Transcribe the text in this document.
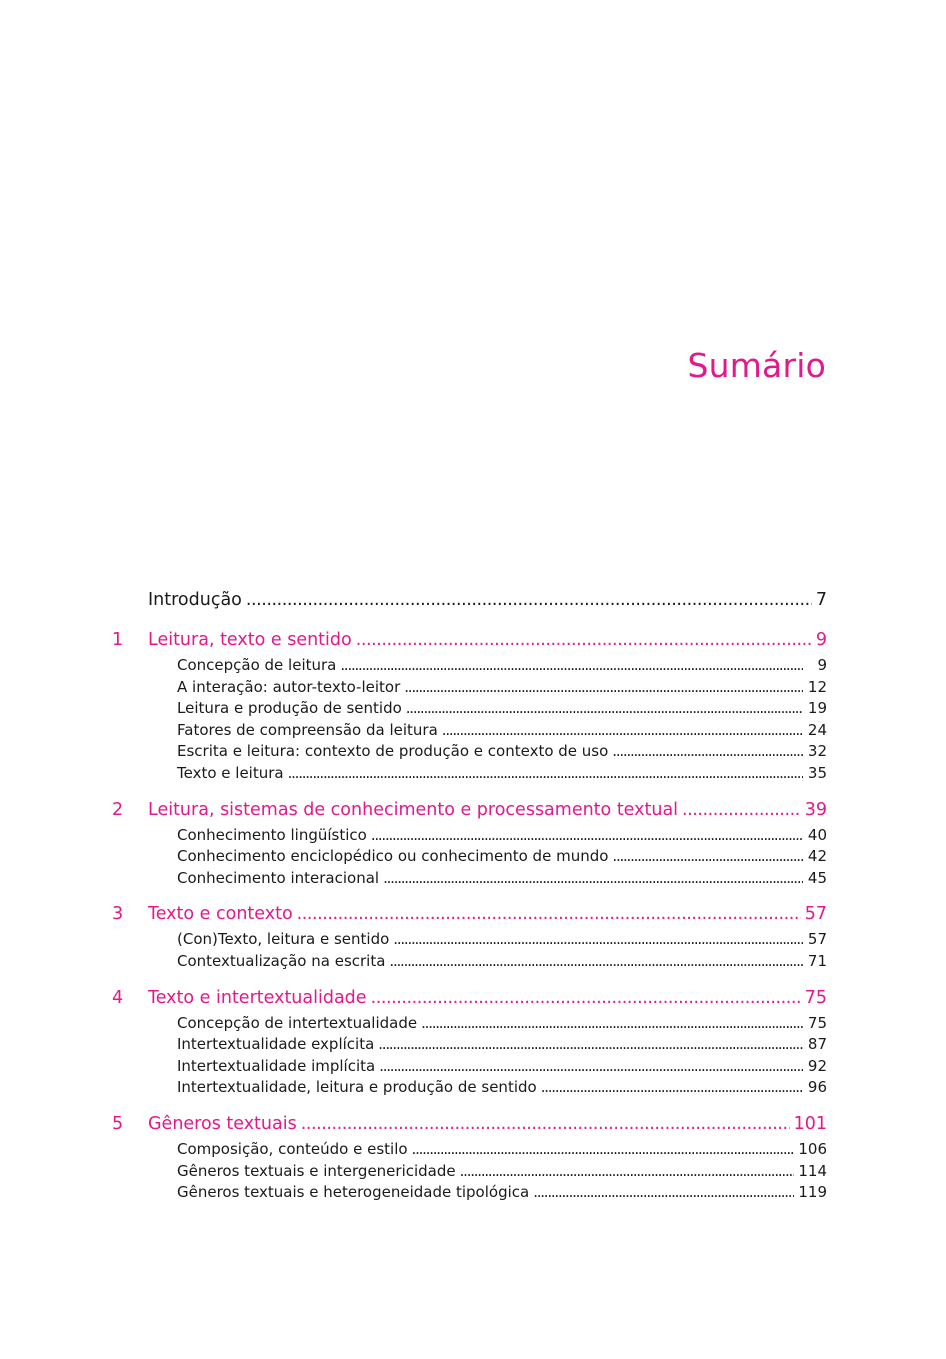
Sumário
Introdução . . .	7
1	Leitura, texto e sentido . . .	9
Concepção de leitura . . .	9
A interação: autor-texto-leitor . . .	12
Leitura e produção de sentido . . .	19
Fatores de compreensão da leitura . . .	24
Escrita e leitura: contexto de produção e contexto de uso . . .	32
Texto e leitura . . .	35
2	Leitura, sistemas de conhecimento e processamento textual . . .	39
Conhecimento lingüístico . . .	40
Conhecimento enciclopédico ou conhecimento de mundo . . .	42
Conhecimento interacional . . .	45
3	Texto e contexto . . .	57
(Con)Texto, leitura e sentido . . .	57
Contextualização na escrita . . .	71
4	Texto e intertextualidade . . .	75
Concepção de intertextualidade . . .	75
Intertextualidade explícita . . .	87
Intertextualidade implícita . . .	92
Intertextualidade, leitura e produção de sentido . . .	96
5	Gêneros textuais . . .	101
Composição, conteúdo e estilo . . .	106
Gêneros textuais e intergenericidade . . .	114
Gêneros textuais e heterogeneidade tipológica . . .	119
